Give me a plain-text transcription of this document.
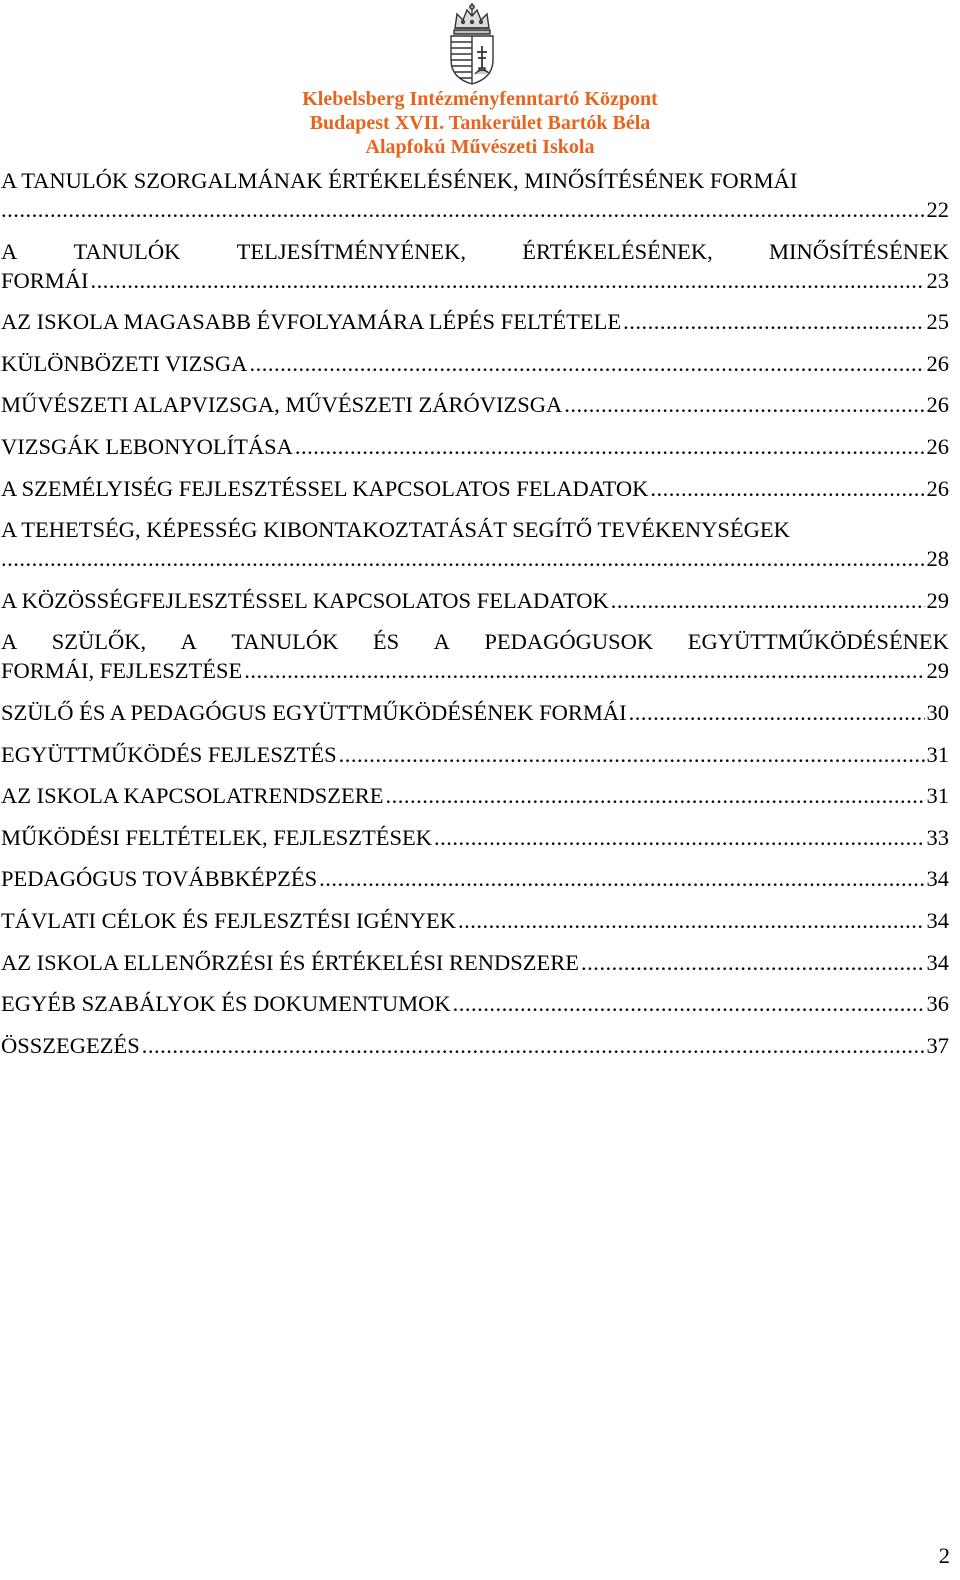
Klebelsberg Intézményfenntartó Központ
Budapest XVII. Tankerület Bartók Béla
Alapfokú Művészeti Iskola
A TANULÓK SZORGALMÁNAK ÉRTÉKELÉSÉNEK, MINŐSÍTÉSÉNEK FORMÁI
.....
22
A TANULÓK TELJESÍTMÉNYÉNEK, ÉRTÉKELÉSÉNEK, MINŐSÍTÉSÉNEK
FORMÁI .....	23
AZ ISKOLA MAGASABB ÉVFOLYAMÁRA LÉPÉS FELTÉTELE .....	25
KÜLÖNBÖZETI VIZSGA .....	26
MŰVÉSZETI ALAPVIZSGA, MŰVÉSZETI ZÁRÓVIZSGA .....	26
VIZSGÁK LEBONYOLÍTÁSA .....	26
A SZEMÉLYISÉG FEJLESZTÉSSEL KAPCSOLATOS FELADATOK .....	26
A TEHETSÉG, KÉPESSÉG KIBONTAKOZTATÁSÁT SEGÍTŐ TEVÉKENYSÉGEK
.....
28
A KÖZÖSSÉGFEJLESZTÉSSEL KAPCSOLATOS FELADATOK .....	29
A SZÜLŐK, A TANULÓK ÉS A PEDAGÓGUSOK EGYÜTTMŰKÖDÉSÉNEK
FORMÁI, FEJLESZTÉSE .....	29
SZÜLŐ ÉS A PEDAGÓGUS EGYÜTTMŰKÖDÉSÉNEK FORMÁI .....	30
EGYÜTTMŰKÖDÉS FEJLESZTÉS .....	31
AZ ISKOLA KAPCSOLATRENDSZERE .....	31
MŰKÖDÉSI FELTÉTELEK, FEJLESZTÉSEK .....	33
PEDAGÓGUS TOVÁBBKÉPZÉS .....	34
TÁVLATI CÉLOK ÉS FEJLESZTÉSI IGÉNYEK .....	34
AZ ISKOLA ELLENŐRZÉSI ÉS ÉRTÉKELÉSI RENDSZERE .....	34
EGYÉB SZABÁLYOK ÉS DOKUMENTUMOK .....	36
ÖSSZEGEZÉS .....	37
2
